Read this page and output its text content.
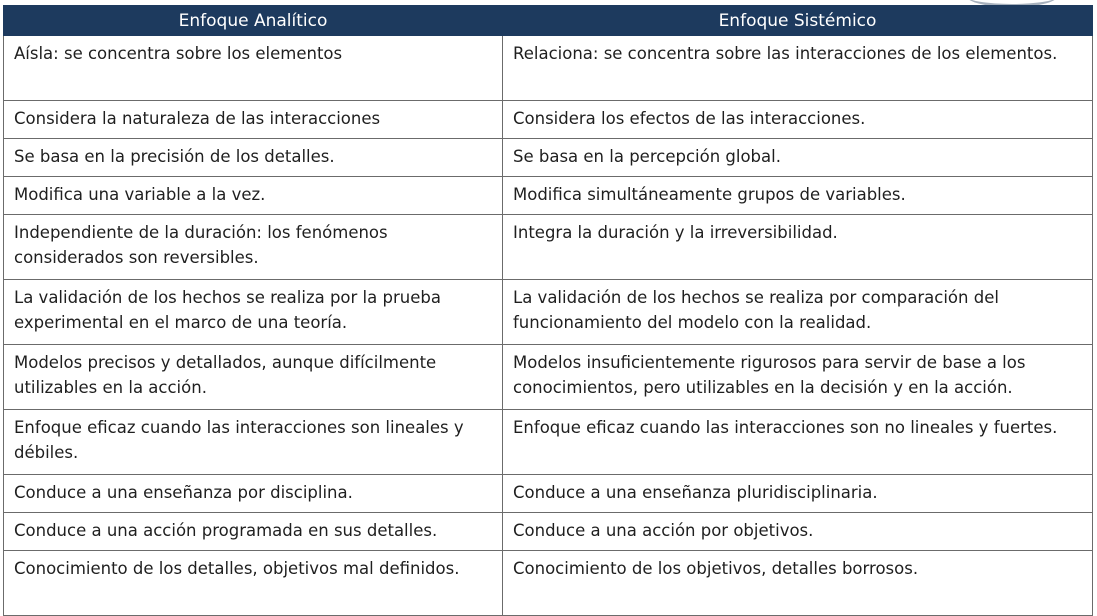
Enfoque Analítico	Enfoque Sistémico
Aísla: se concentra sobre los elementos	Relaciona: se concentra sobre las interacciones de los elementos.
Considera la naturaleza de las interacciones	Considera los efectos de las interacciones.
Se basa en la precisión de los detalles.	Se basa en la percepción global.
Modifica una variable a la vez.	Modifica simultáneamente grupos de variables.
Independiente de la duración: los fenómenos considerados son reversibles.	Integra la duración y la irreversibilidad.
La validación de los hechos se realiza por la prueba experimental en el marco de una teoría.	La validación de los hechos se realiza por comparación del funcionamiento del modelo con la realidad.
Modelos precisos y detallados, aunque difícilmente utilizables en la acción.	Modelos insuficientemente rigurosos para servir de base a los conocimientos, pero utilizables en la decisión y en la acción.
Enfoque eficaz cuando las interacciones son lineales y débiles.	Enfoque eficaz cuando las interacciones son no lineales y fuertes.
Conduce a una enseñanza por disciplina.	Conduce a una enseñanza pluridisciplinaria.
Conduce a una acción programada en sus detalles.	Conduce a una acción por objetivos.
Conocimiento de los detalles, objetivos mal definidos.	Conocimiento de los objetivos, detalles borrosos.
